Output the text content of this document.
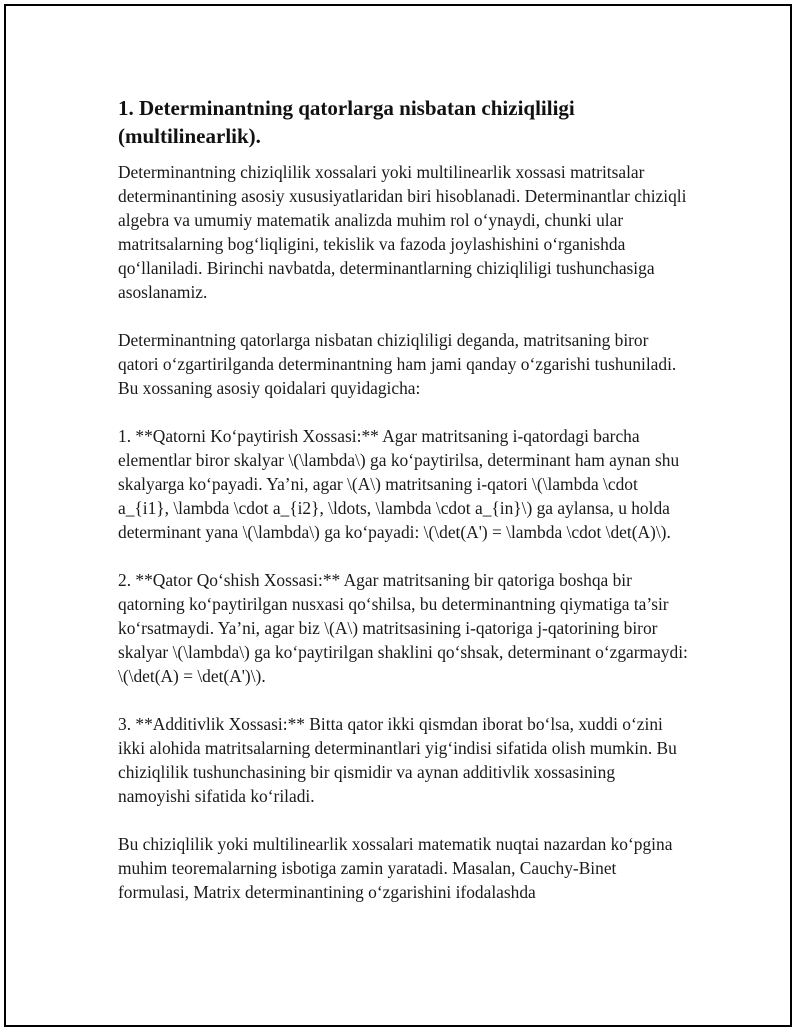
1. Determinantning qatorlarga nisbatan chiziqliligi (multilinearlik).

Determinantning chiziqlilik xossalari yoki multilinearlik xossasi matritsalar determinantining asosiy xususiyatlaridan biri hisoblanadi. Determinantlar chiziqli algebra va umumiy matematik analizda muhim rol o‘ynaydi, chunki ular matritsalarning bog‘liqligini, tekislik va fazoda joylashishini o‘rganishda qo‘llaniladi. Birinchi navbatda, determinantlarning chiziqliligi tushunchasiga asoslanamiz.

Determinantning qatorlarga nisbatan chiziqliligi deganda, matritsaning biror qatori o‘zgartirilganda determinantning ham jami qanday o‘zgarishi tushuniladi. Bu xossaning asosiy qoidalari quyidagicha:

1. **Qatorni Ko‘paytirish Xossasi:** Agar matritsaning i-qatordagi barcha elementlar biror skalyar \(\lambda\) ga ko‘paytirilsa, determinant ham aynan shu skalyarga ko‘payadi. Ya’ni, agar \(A\) matritsaning i-qatori \(\lambda \cdot a_{i1}, \lambda \cdot a_{i2}, \ldots, \lambda \cdot a_{in}\) ga aylansa, u holda determinant yana \(\lambda\) ga ko‘payadi: \(\det(A') = \lambda \cdot \det(A)\).

2. **Qator Qo‘shish Xossasi:** Agar matritsaning bir qatoriga boshqa bir qatorning ko‘paytirilgan nusxasi qo‘shilsa, bu determinantning qiymatiga ta’sir ko‘rsatmaydi. Ya’ni, agar biz \(A\) matritsasining i-qatoriga j-qatorining biror skalyar \(\lambda\) ga ko‘paytirilgan shaklini qo‘shsak, determinant o‘zgarmaydi: \(\det(A) = \det(A')\).

3. **Additivlik Xossasi:** Bitta qator ikki qismdan iborat bo‘lsa, xuddi o‘zini ikki alohida matritsalarning determinantlari yig‘indisi sifatida olish mumkin. Bu chiziqlilik tushunchasining bir qismidir va aynan additivlik xossasining namoyishi sifatida ko‘riladi.

Bu chiziqlilik yoki multilinearlik xossalari matematik nuqtai nazardan ko‘pgina muhim teoremalarning isbotiga zamin yaratadi. Masalan, Cauchy-Binet formulasi, Matrix determinantining o‘zgarishini ifodalashda
